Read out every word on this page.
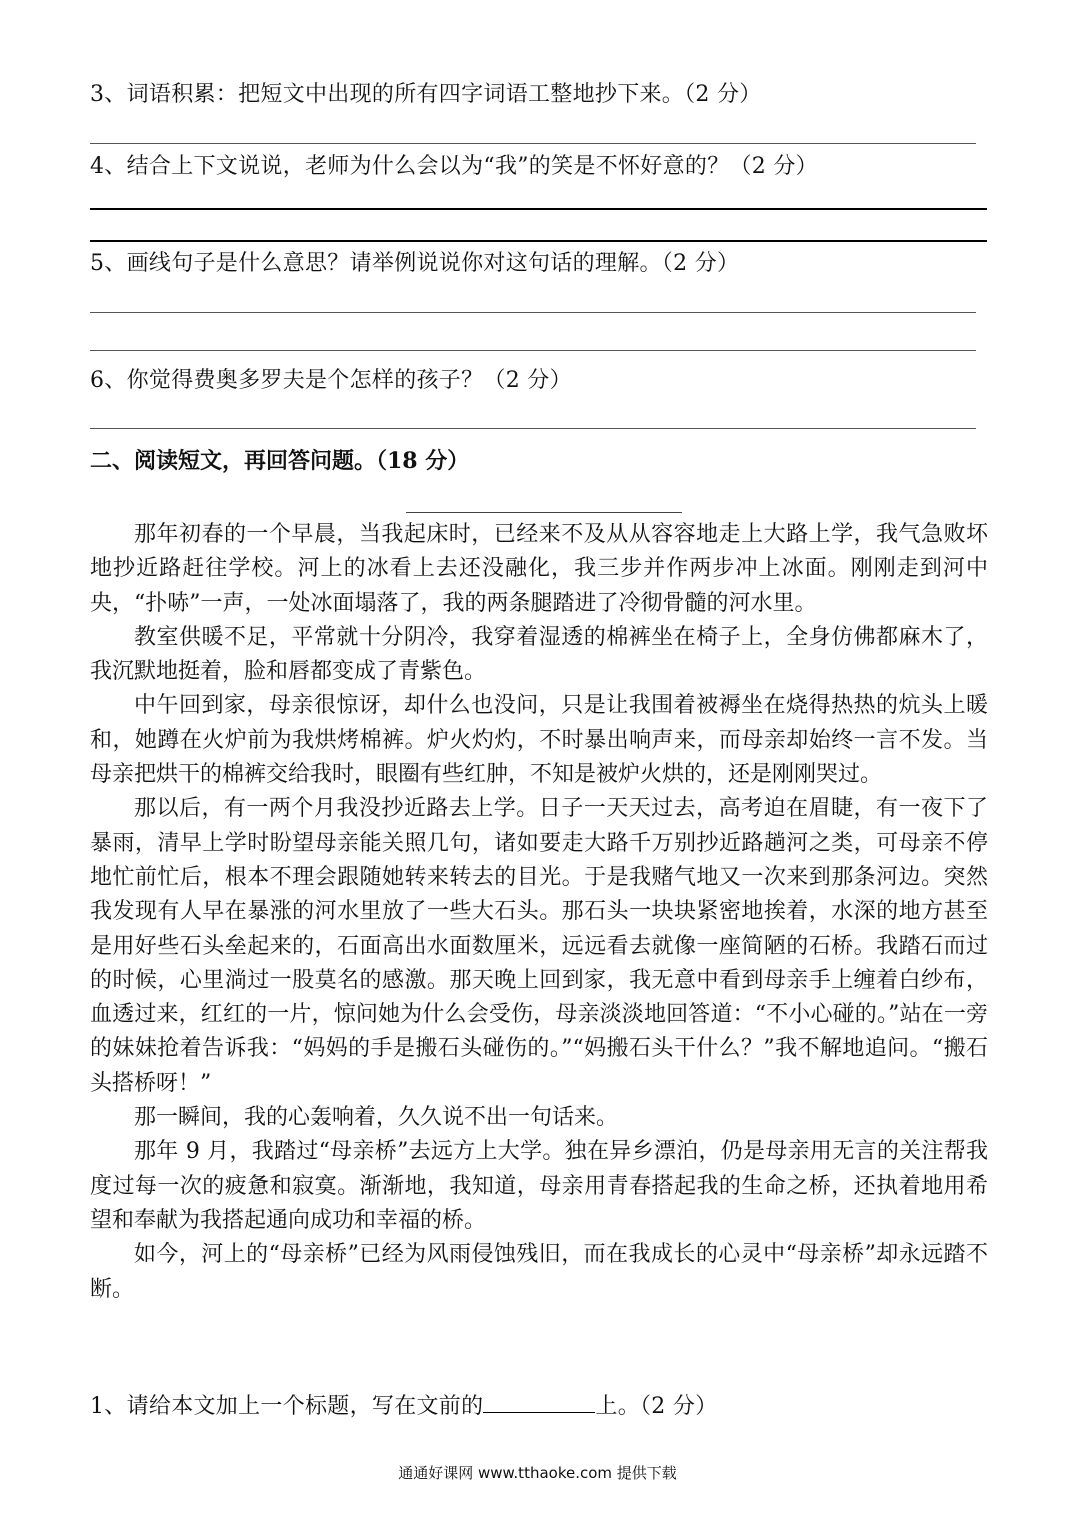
3、词语积累：把短文中出现的所有四字词语工整地抄下来。（2 分）
4、结合上下文说说，老师为什么会以为“我”的笑是不怀好意的？（2 分）
5、画线句子是什么意思？请举例说说你对这句话的理解。（2 分）
6、你觉得费奥多罗夫是个怎样的孩子？（2 分）
二、阅读短文，再回答问题。（18 分）

那年初春的一个早晨，当我起床时，已经来不及从从容容地走上大路上学，我气急败坏地抄近路赶往学校。河上的冰看上去还没融化，我三步并作两步冲上冰面。刚刚走到河中央，“扑哧”一声，一处冰面塌落了，我的两条腿踏进了冷彻骨髓的河水里。

教室供暖不足，平常就十分阴冷，我穿着湿透的棉裤坐在椅子上，全身仿佛都麻木了，我沉默地挺着，脸和唇都变成了青紫色。

中午回到家，母亲很惊讶，却什么也没问，只是让我围着被褥坐在烧得热热的炕头上暖和，她蹲在火炉前为我烘烤棉裤。炉火灼灼，不时暴出响声来，而母亲却始终一言不发。当母亲把烘干的棉裤交给我时，眼圈有些红肿，不知是被炉火烘的，还是刚刚哭过。

那以后，有一两个月我没抄近路去上学。日子一天天过去，高考迫在眉睫，有一夜下了暴雨，清早上学时盼望母亲能关照几句，诸如要走大路千万别抄近路趟河之类，可母亲不停地忙前忙后，根本不理会跟随她转来转去的目光。于是我赌气地又一次来到那条河边。突然我发现有人早在暴涨的河水里放了一些大石头。那石头一块块紧密地挨着，水深的地方甚至是用好些石头垒起来的，石面高出水面数厘米，远远看去就像一座简陋的石桥。我踏石而过的时候，心里淌过一股莫名的感激。那天晚上回到家，我无意中看到母亲手上缠着白纱布，血透过来，红红的一片，惊问她为什么会受伤，母亲淡淡地回答道：“不小心碰的。”站在一旁的妹妹抢着告诉我：“妈妈的手是搬石头碰伤的。”“妈搬石头干什么？”我不解地追问。“搬石头搭桥呀！”

那一瞬间，我的心轰响着，久久说不出一句话来。

那年 9 月，我踏过“母亲桥”去远方上大学。独在异乡漂泊，仍是母亲用无言的关注帮我度过每一次的疲惫和寂寞。渐渐地，我知道，母亲用青春搭起我的生命之桥，还执着地用希望和奉献为我搭起通向成功和幸福的桥。

如今，河上的“母亲桥”已经为风雨侵蚀残旧，而在我成长的心灵中“母亲桥”却永远踏不断。

1、请给本文加上一个标题，写在文前的	上。（2 分）
通通好课网 www.tthaoke.com 提供下载
